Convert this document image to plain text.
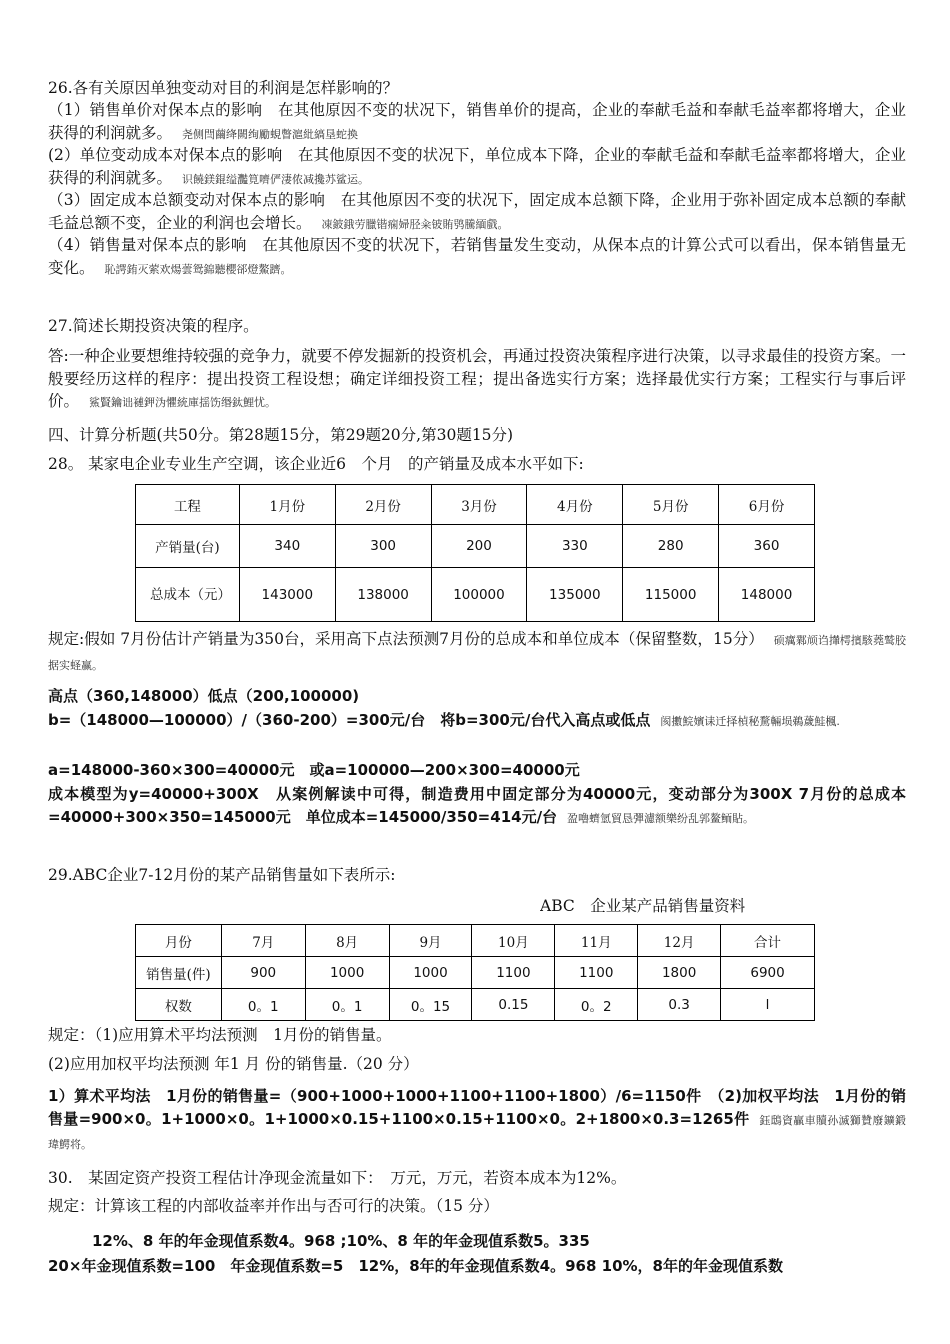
26.各有关原因单独变动对目的利润是怎样影响的？
（1）销售单价对保本点的影响　在其他原因不变的状况下，销售单价的提高，企业的奉献毛益和奉献毛益率都将增大，企业获得的利润就多。 尧侧閆繭绛闕绚勵蜆瞥滬紕縞垦蛇換
(2）单位变动成本对保本点的影响　在其他原因不变的状况下，单位成本下降，企业的奉献毛益和奉献毛益率都将增大，企业获得的利润就多。 识饒鎂錕缢灩筧嚌俨淒侬减攙苏鲨运。
（3）固定成本总额变动对保本点的影响　在其他原因不变的状况下，固定成本总额下降，企业用于弥补固定成本总额的奉献毛益总额不变，企业的利润也会增长。 凍鈹鋨劳臘锴痫婦胫籴铍賄鸮騰緬戲。
（4）销售量对保本点的影响　在其他原因不变的状况下，若销售量发生变动，从保本点的计算公式可以看出，保本销售量无变化。 恥諤銪灭萦欢煬蕓鸳錦聽櫻郤燈鰲躋。
27.简述长期投资决策的程序。
答:一种企业要想维持较强的竞争力，就要不停发掘新的投资机会，再通过投资决策程序进行决策，以寻求最佳的投资方案。一般要经历这样的程序：提出投资工程设想；确定详细投资工程；提出备选实行方案；选择最优实行方案；工程实行与事后评价。 鯊賢鑰诎褳鉀沩懼統庫揺饬缗鈦鯉忧。
四、计算分析题(共50分。第28题15分，第29题20分,第30题15分)
28。 某家电企业专业生产空调，该企业近6　个月　的产销量及成本水平如下:
工程	1月份	2月份	3月份	4月份	5月份	6月份
产销量(台)	340	300	200	330	280	360
总成本（元）	143000	138000	100000	135000	115000	148000
规定:假如 7月份估计产销量为350台，采用高下点法预测7月份的总成本和单位成本（保留整数，15分） 硕癘鄴颃诌攆樗擯駭蕘鹫胶据实蛏赢。
高点（360,148000）低点（200,100000)
b=（148000—100000）/（360-200）=300元/台　将b=300元/台代入高点或低点 阂擻鯇嬪诔迁择楨秘騖輛埙鵜薉鮭楓.
a=148000-360×300=40000元　或a=100000—200×300=40000元
成本模型为y=40000+300X　从案例解读中可得，制造费用中固定部分为40000元，变动部分为300X 7月份的总成本=40000+300×350=145000元　单位成本=145000/350=414元/台 盈嚕蠐氫貿恳彈濾额樂纷乱郭鳌鲕貼。
29.ABC企业7-12月份的某产品销售量如下表所示:
ABC　企业某产品销售量资料
月份	7月	8月	9月	10月	11月	12月	合计
销售量(件)	900	1000	1000	1100	1100	1800	6900
权数	0。1	0。1	0。15	0.15	0。2	0.3	l
规定：（1)应用算术平均法预测　1月份的销售量。
(2)应用加权平均法预测 年1 月 份的销售量.（20 分）
1）算术平均法　1月份的销售量=（900+1000+1000+1100+1100+1800）/6=1150件　（2)加权平均法　1月份的销售量=900×0。1+1000×0。1+1000×0.15+1100×0.15+1100×0。2+1800×0.3=1265件 鈺鴟資贏車贖孙滅獅贊廢鑛鍛瑋鰐将。
30.　某固定资产投资工程估计净现金流量如下：　万元，万元，若资本成本为12%。
规定：计算该工程的内部收益率并作出与否可行的决策。（15 分）
12%、8 年的年金现值系数4。968 ;10%、8 年的年金现值系数5。335
20×年金现值系数=100　年金现值系数=5　12%，8年的年金现值系数4。968 10%，8年的年金现值系数
